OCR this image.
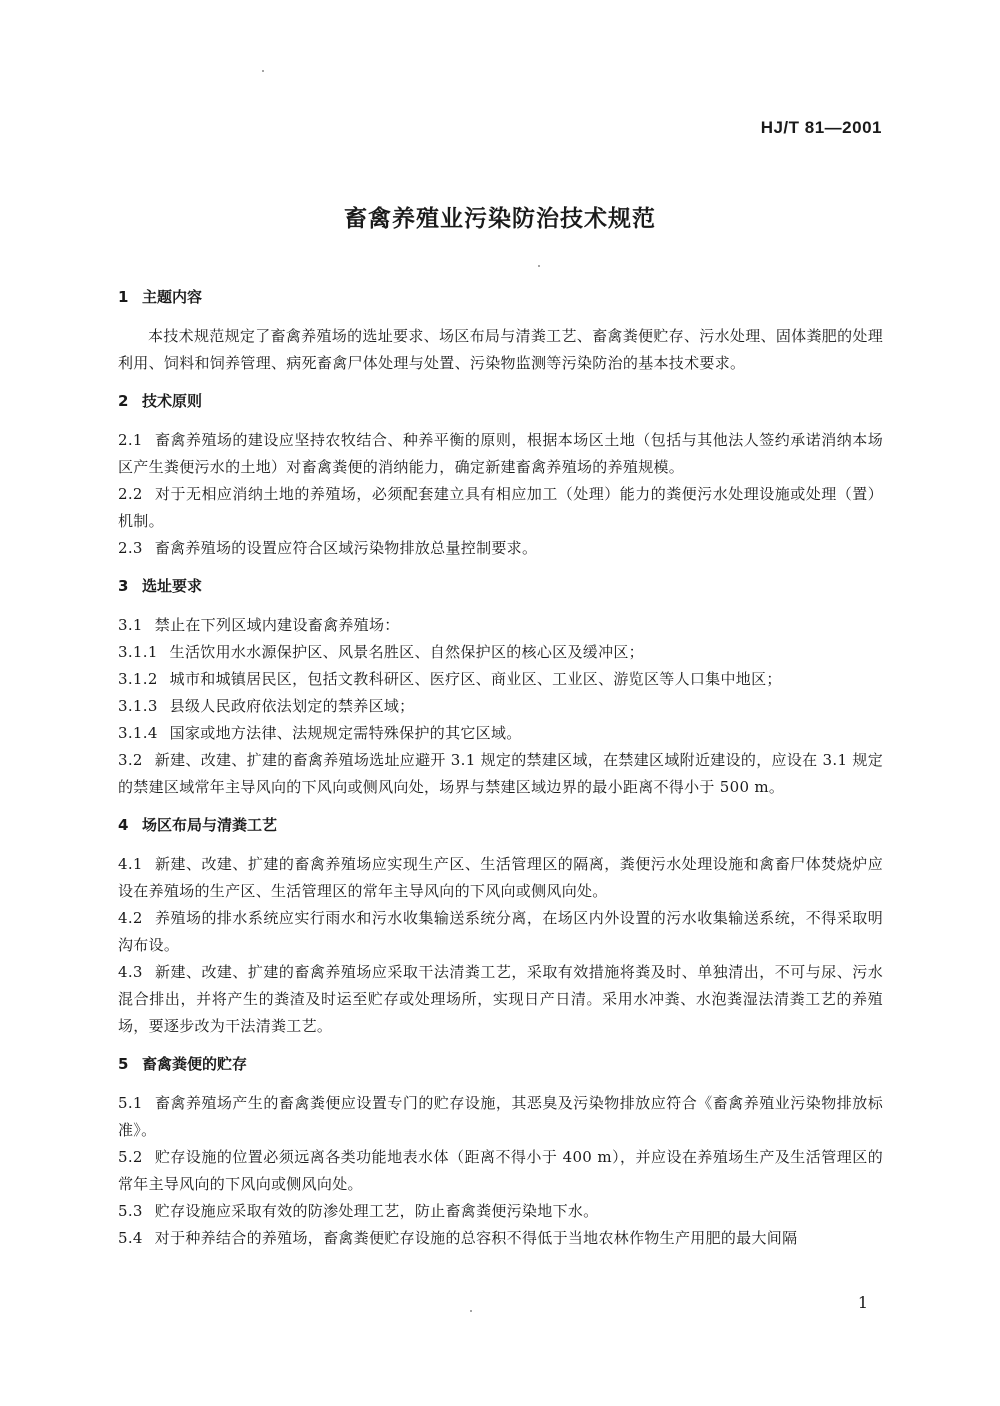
HJ/T 81—2001
畜禽养殖业污染防治技术规范
1 主题内容

本技术规范规定了畜禽养殖场的选址要求、场区布局与清粪工艺、畜禽粪便贮存、污水处理、固体粪肥的处理利用、饲料和饲养管理、病死畜禽尸体处理与处置、污染物监测等污染防治的基本技术要求。

2 技术原则

2.1 畜禽养殖场的建设应坚持农牧结合、种养平衡的原则，根据本场区土地（包括与其他法人签约承诺消纳本场区产生粪便污水的土地）对畜禽粪便的消纳能力，确定新建畜禽养殖场的养殖规模。

2.2 对于无相应消纳土地的养殖场，必须配套建立具有相应加工（处理）能力的粪便污水处理设施或处理（置）机制。

2.3 畜禽养殖场的设置应符合区域污染物排放总量控制要求。

3 选址要求

3.1 禁止在下列区域内建设畜禽养殖场：

3.1.1 生活饮用水水源保护区、风景名胜区、自然保护区的核心区及缓冲区；

3.1.2 城市和城镇居民区，包括文教科研区、医疗区、商业区、工业区、游览区等人口集中地区；

3.1.3 县级人民政府依法划定的禁养区域；

3.1.4 国家或地方法律、法规规定需特殊保护的其它区域。

3.2 新建、改建、扩建的畜禽养殖场选址应避开 3.1 规定的禁建区域，在禁建区域附近建设的，应设在 3.1 规定的禁建区域常年主导风向的下风向或侧风向处，场界与禁建区域边界的最小距离不得小于 500 m。

4 场区布局与清粪工艺

4.1 新建、改建、扩建的畜禽养殖场应实现生产区、生活管理区的隔离，粪便污水处理设施和禽畜尸体焚烧炉应设在养殖场的生产区、生活管理区的常年主导风向的下风向或侧风向处。

4.2 养殖场的排水系统应实行雨水和污水收集输送系统分离，在场区内外设置的污水收集输送系统，不得采取明沟布设。

4.3 新建、改建、扩建的畜禽养殖场应采取干法清粪工艺，采取有效措施将粪及时、单独清出，不可与尿、污水混合排出，并将产生的粪渣及时运至贮存或处理场所，实现日产日清。采用水冲粪、水泡粪湿法清粪工艺的养殖场，要逐步改为干法清粪工艺。

5 畜禽粪便的贮存

5.1 畜禽养殖场产生的畜禽粪便应设置专门的贮存设施，其恶臭及污染物排放应符合《畜禽养殖业污染物排放标准》。

5.2 贮存设施的位置必须远离各类功能地表水体（距离不得小于 400 m），并应设在养殖场生产及生活管理区的常年主导风向的下风向或侧风向处。

5.3 贮存设施应采取有效的防渗处理工艺，防止畜禽粪便污染地下水。

5.4 对于种养结合的养殖场，畜禽粪便贮存设施的总容积不得低于当地农林作物生产用肥的最大间隔

1
